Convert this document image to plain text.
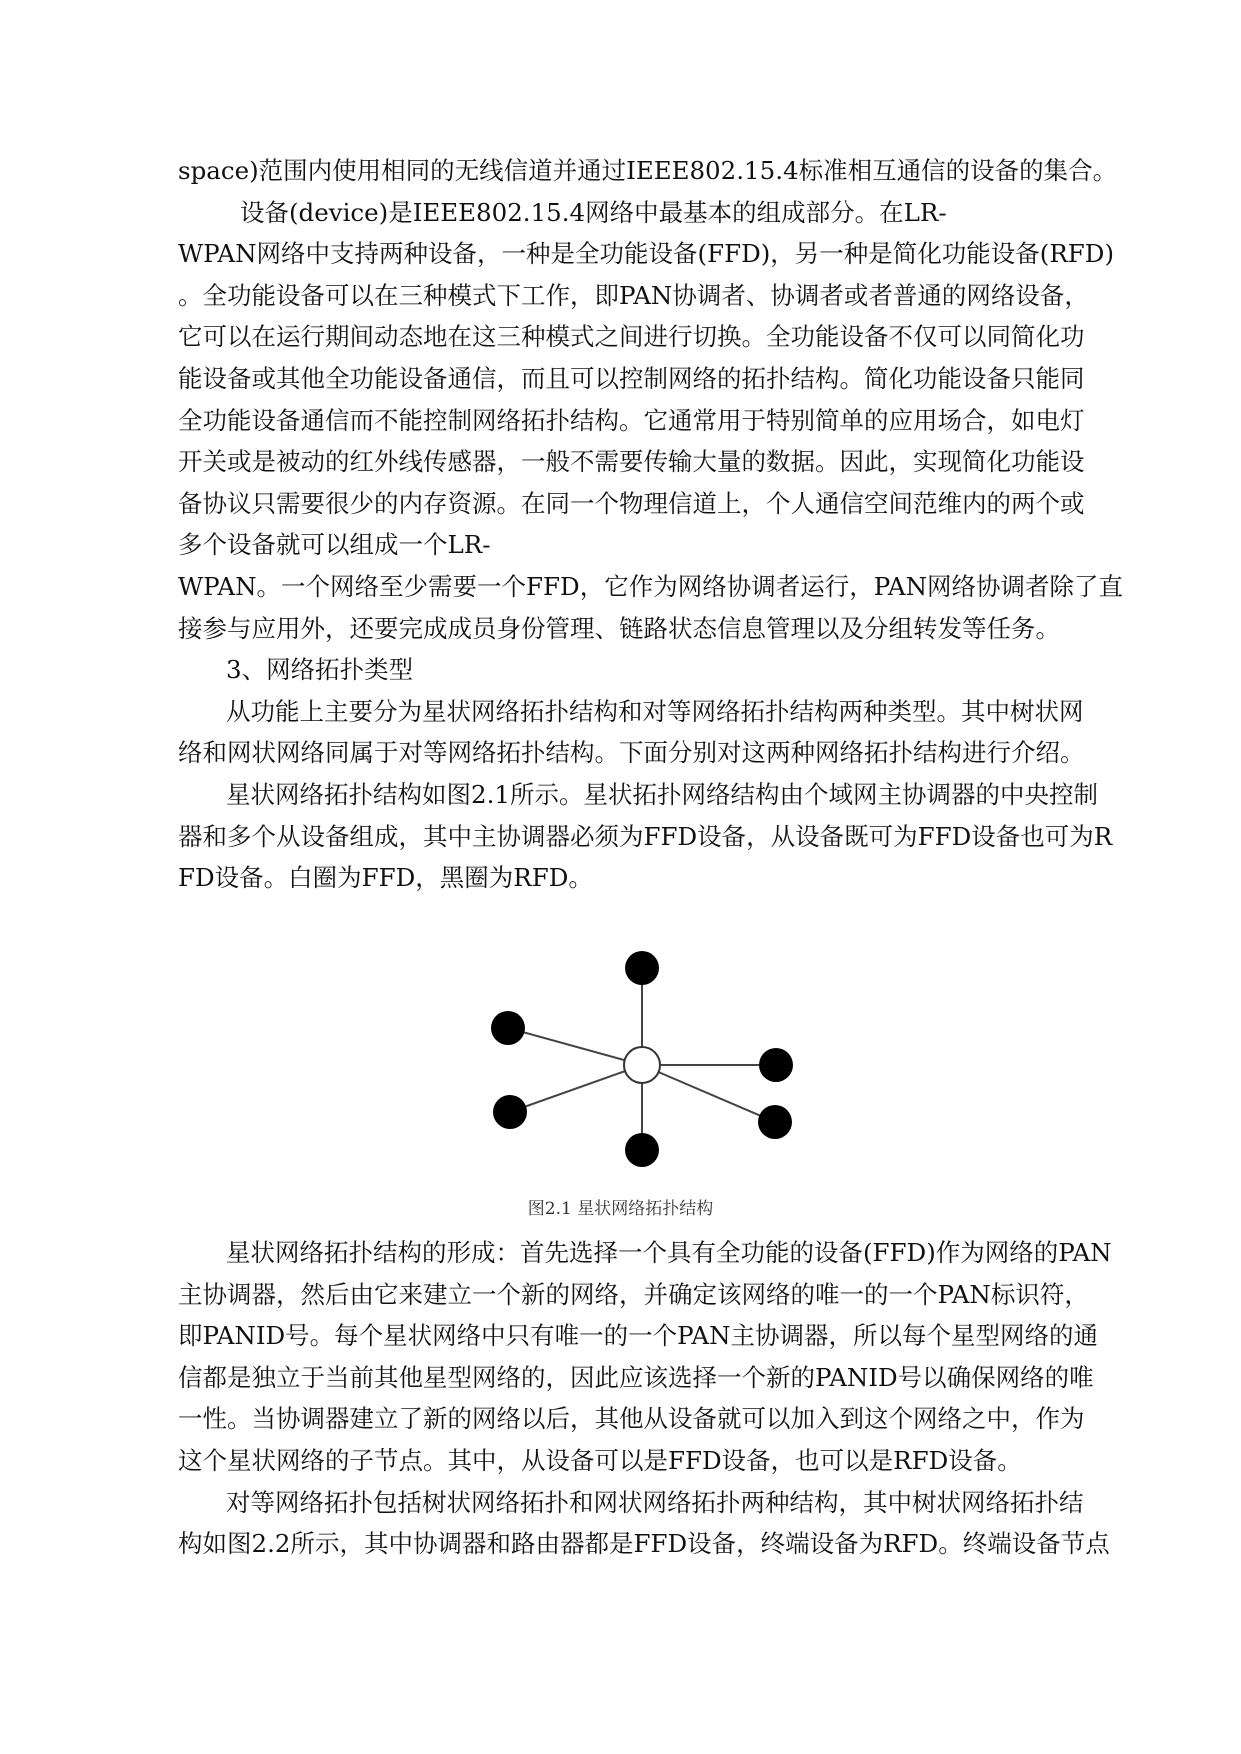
space)范围内使用相同的无线信道并通过IEEE802.15.4标准相互通信的设备的集合。
设备(device)是IEEE802.15.4网络中最基本的组成部分。在LR-
WPAN网络中支持两种设备，一种是全功能设备(FFD)，另一种是简化功能设备(RFD)
。全功能设备可以在三种模式下工作，即PAN协调者、协调者或者普通的网络设备，
它可以在运行期间动态地在这三种模式之间进行切换。全功能设备不仅可以同简化功
能设备或其他全功能设备通信，而且可以控制网络的拓扑结构。简化功能设备只能同
全功能设备通信而不能控制网络拓扑结构。它通常用于特别简单的应用场合，如电灯
开关或是被动的红外线传感器，一般不需要传输大量的数据。因此，实现简化功能设
备协议只需要很少的内存资源。在同一个物理信道上，个人通信空间范维内的两个或
多个设备就可以组成一个LR-
WPAN。一个网络至少需要一个FFD，它作为网络协调者运行，PAN网络协调者除了直
接参与应用外，还要完成成员身份管理、链路状态信息管理以及分组转发等任务。
3、网络拓扑类型
从功能上主要分为星状网络拓扑结构和对等网络拓扑结构两种类型。其中树状网
络和网状网络同属于对等网络拓扑结构。下面分别对这两种网络拓扑结构进行介绍。
星状网络拓扑结构如图2.1所示。星状拓扑网络结构由个域网主协调器的中央控制
器和多个从设备组成，其中主协调器必须为FFD设备，从设备既可为FFD设备也可为R
FD设备。白圈为FFD，黑圈为RFD。
图2.1 星状网络拓扑结构
星状网络拓扑结构的形成：首先选择一个具有全功能的设备(FFD)作为网络的PAN
主协调器，然后由它来建立一个新的网络，并确定该网络的唯一的一个PAN标识符，
即PANID号。每个星状网络中只有唯一的一个PAN主协调器，所以每个星型网络的通
信都是独立于当前其他星型网络的，因此应该选择一个新的PANID号以确保网络的唯
一性。当协调器建立了新的网络以后，其他从设备就可以加入到这个网络之中，作为
这个星状网络的子节点。其中，从设备可以是FFD设备，也可以是RFD设备。
对等网络拓扑包括树状网络拓扑和网状网络拓扑两种结构，其中树状网络拓扑结
构如图2.2所示，其中协调器和路由器都是FFD设备，终端设备为RFD。终端设备节点
